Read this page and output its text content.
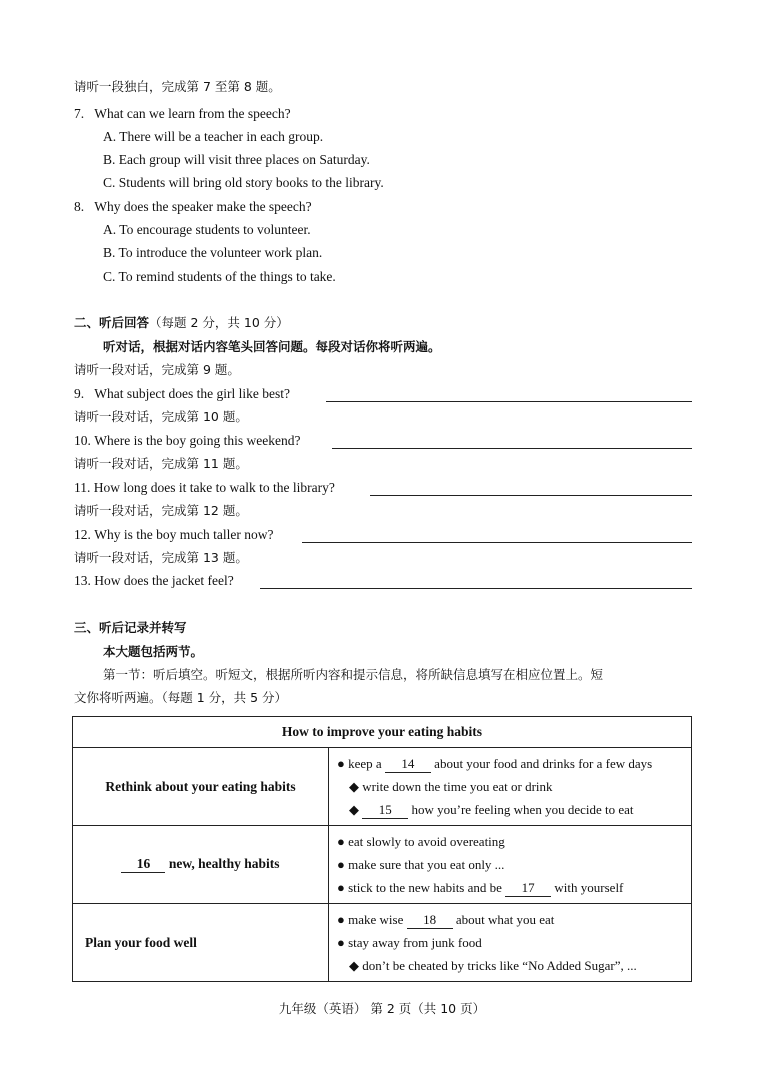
请听一段独白，完成第 7 至第 8 题。
7. What can we learn from the speech?
A. There will be a teacher in each group.
B. Each group will visit three places on Saturday.
C. Students will bring old story books to the library.
8. Why does the speaker make the speech?
A. To encourage students to volunteer.
B. To introduce the volunteer work plan.
C. To remind students of the things to take.
二、听后回答（每题 2 分，共 10 分）
听对话，根据对话内容笔头回答问题。每段对话你将听两遍。
请听一段对话，完成第 9 题。
9. What subject does the girl like best?
请听一段对话，完成第 10 题。
10. Where is the boy going this weekend?
请听一段对话，完成第 11 题。
11. How long does it take to walk to the library?
请听一段对话，完成第 12 题。
12. Why is the boy much taller now?
请听一段对话，完成第 13 题。
13. How does the jacket feel?
三、听后记录并转写
本大题包括两节。
第一节：听后填空。听短文，根据所听内容和提示信息，将所缺信息填写在相应位置上。短
文你将听两遍。（每题 1 分，共 5 分）
How to improve your eating habits	
Rethink about your eating habits	● keep a 14 about your food and drinks for a few days
◆ write down the time you eat or drink
◆ 15 how you’re feeling when you decide to eat

16 new, healthy habits	● eat slowly to avoid overeating
● make sure that you eat only ...
● stick to the new habits and be 17 with yourself

Plan your food well	● make wise 18 about what you eat
● stay away from junk food
◆ don’t be cheated by tricks like “No Added Sugar”, ...
九年级（英语） 第 2 页（共 10 页）
